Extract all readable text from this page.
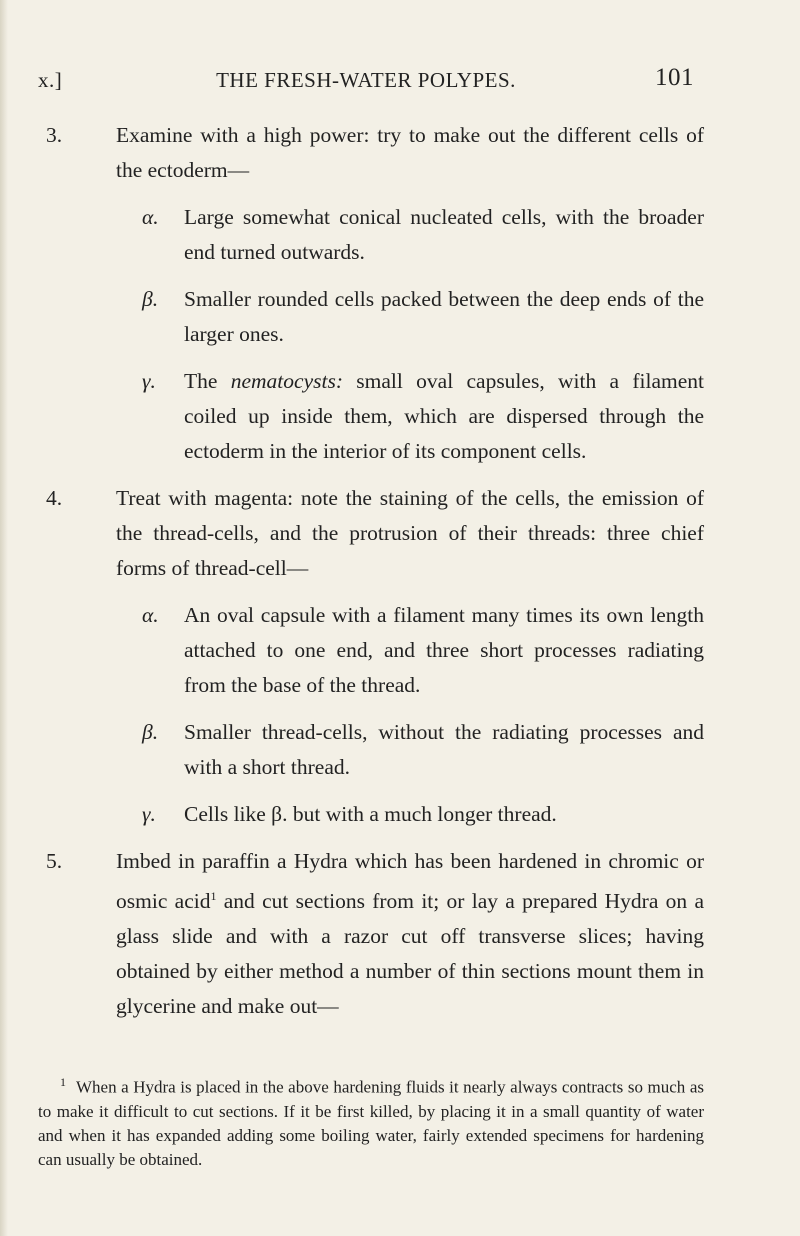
x.]	THE FRESH-WATER POLYPES.	101
3.	Examine with a high power: try to make out the different cells of the ectoderm—
α. Large somewhat conical nucleated cells, with the broader end turned outwards.
β. Smaller rounded cells packed between the deep ends of the larger ones.
γ. The nematocysts: small oval capsules, with a filament coiled up inside them, which are dispersed through the ectoderm in the interior of its component cells.
4.	Treat with magenta: note the staining of the cells, the emission of the thread-cells, and the protrusion of their threads: three chief forms of thread-cell—
α. An oval capsule with a filament many times its own length attached to one end, and three short processes radiating from the base of the thread.
β. Smaller thread-cells, without the radiating processes and with a short thread.
γ. Cells like β. but with a much longer thread.
5.	Imbed in paraffin a Hydra which has been hardened in chromic or osmic acid$^1$ and cut sections from it; or lay a prepared Hydra on a glass slide and with a razor cut off transverse slices; having obtained by either method a number of thin sections mount them in glycerine and make out—
$^1$ When a Hydra is placed in the above hardening fluids it nearly always contracts so much as to make it difficult to cut sections. If it be first killed, by placing it in a small quantity of water and when it has expanded adding some boiling water, fairly extended specimens for hardening can usually be obtained.
